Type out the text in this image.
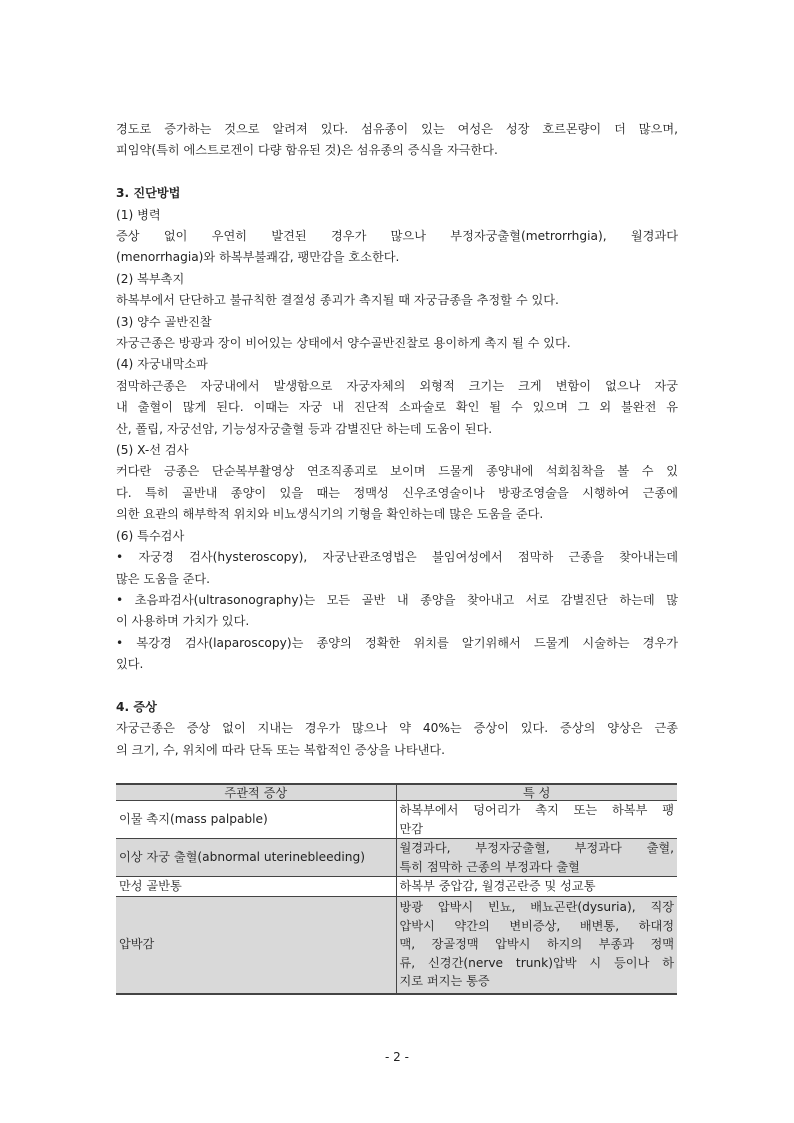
경도로 증가하는 것으로 알려져 있다. 섬유종이 있는 여성은 성장 호르몬량이 더 많으며,
피임약(특히 에스트로겐이 다량 함유된 것)은 섬유종의 증식을 자극한다.
3. 진단방법
(1) 병력
증상 없이 우연히 발견된 경우가 많으나 부정자궁출혈(metrorrhgia), 월경과다
(menorrhagia)와 하복부불쾌감, 팽만감을 호소한다.
(2) 복부촉지
하복부에서 단단하고 불규칙한 결절성 종괴가 촉지될 때 자궁금종을 추정할 수 있다.
(3) 양수 골반진찰
자궁근종은 방광과 장이 비어있는 상태에서 양수골반진찰로 용이하게 촉지 될 수 있다.
(4) 자궁내막소파
점막하근종은 자궁내에서 발생함으로 자궁자체의 외형적 크기는 크게 변함이 없으나 자궁
내 출혈이 많게 된다. 이때는 자궁 내 진단적 소파술로 확인 될 수 있으며 그 외 불완전 유
산, 폴립, 자궁선암, 기능성자궁출혈 등과 감별진단 하는데 도움이 된다.
(5) X-선 검사
커다란 긍종은 단순복부촬영상 연조직종괴로 보이며 드물게 종양내에 석회침착을 볼 수 있
다. 특히 골반내 종양이 있을 때는 정맥성 신우조영술이나 방광조영술을 시행하여 근종에
의한 요관의 해부학적 위치와 비뇨생식기의 기형을 확인하는데 많은 도움을 준다.
(6) 특수검사
• 자궁경 검사(hysteroscopy), 자궁난관조영법은 불임여성에서 점막하 근종을 찾아내는데
많은 도움을 준다.
• 초음파검사(ultrasonography)는 모든 골반 내 종양을 찾아내고 서로 감별진단 하는데 많
이 사용하며 가치가 있다.
• 복강경 검사(laparoscopy)는 종양의 정확한 위치를 알기위해서 드물게 시술하는 경우가
있다.
4. 증상
자궁근종은 증상 없이 지내는 경우가 많으나 약 40%는 증상이 있다. 증상의 양상은 근종
의 크기, 수, 위치에 따라 단독 또는 복합적인 증상을 나타낸다.
주관적 증상	특 성
이물 촉지(mass palpable)	하복부에서 덩어리가 촉지 또는 하복부 팽
만감

이상 자궁 출혈(abnormal uterinebleeding)	월경과다, 부정자궁출혈, 부정과다 출혈,
특히 점막하 근종의 부정과다 출혈

만성 골반통	하복부 중압감, 월경곤란증 및 성교통
압박감	방광 압박시 빈뇨, 배뇨곤란(dysuria), 직장
압박시 약간의 변비증상, 배변통, 하대정
맥, 장골정맥 압박시 하지의 부종과 정맥
류, 신경간(nerve trunk)압박 시 등이나 하
지로 퍼지는 통증
- 2 -
